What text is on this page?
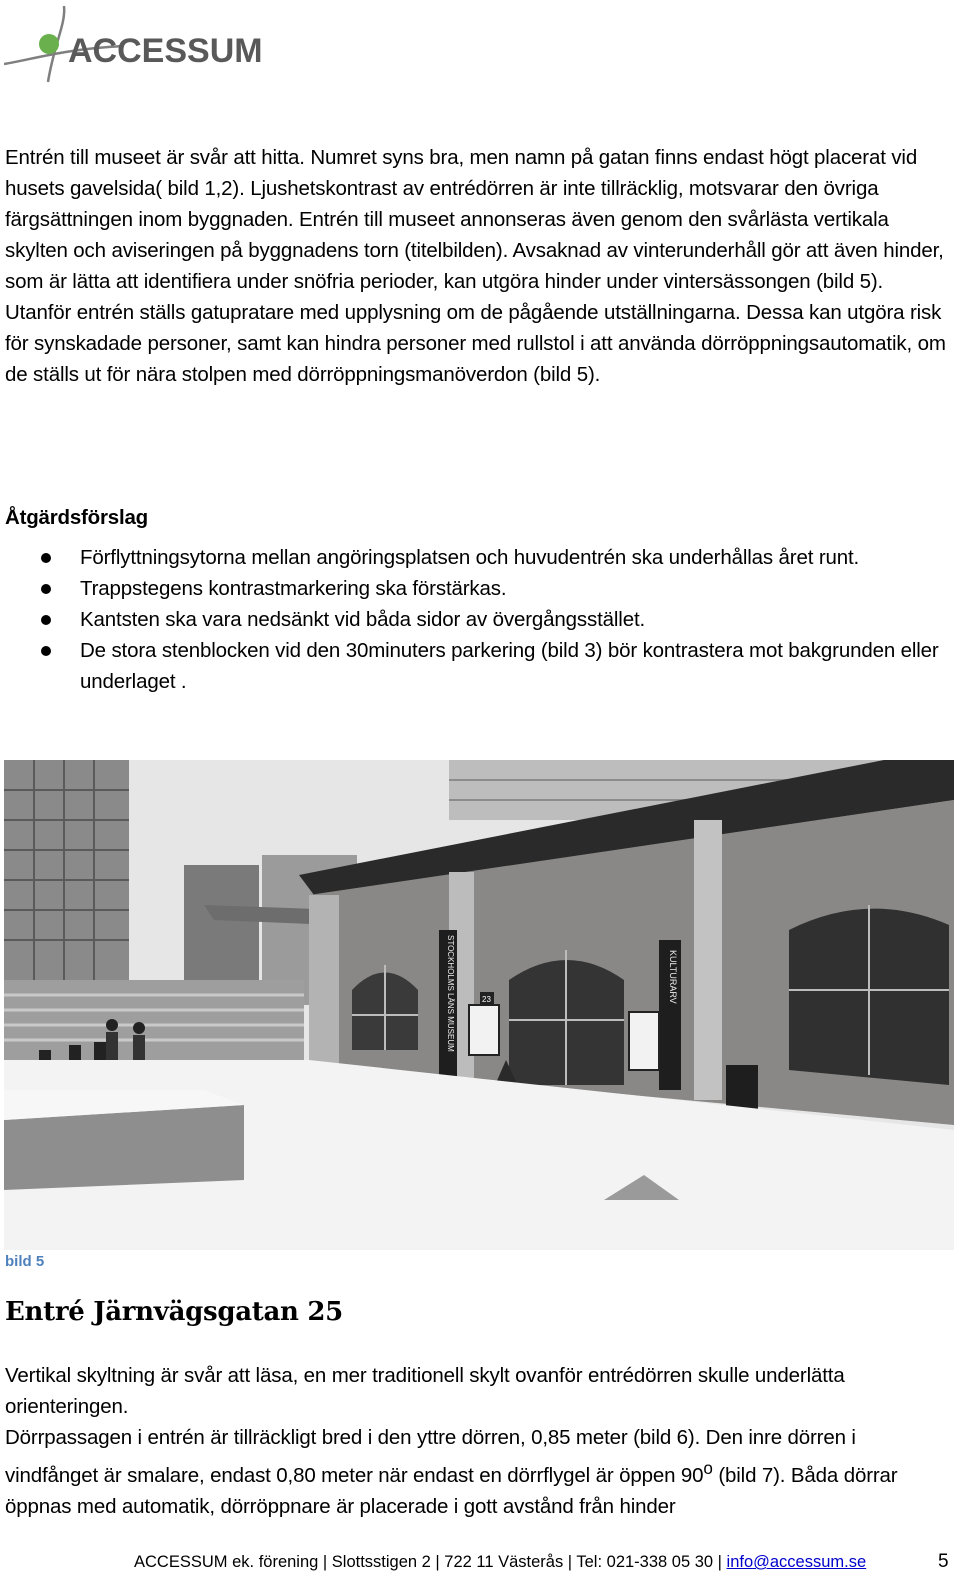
ACCESSUM

Entrén till museet är svår att hitta. Numret syns bra, men namn på gatan finns endast högt placerat vid husets gavelsida( bild 1,2). Ljushetskontrast av entrédörren är inte tillräcklig, motsvarar den övriga färgsättningen inom byggnaden. Entrén till museet annonseras även genom den svårlästa vertikala skylten och aviseringen på byggnadens torn (titelbilden). Avsaknad av vinterunderhåll gör att även hinder, som är lätta att identifiera under snöfria perioder, kan utgöra hinder under vintersässongen (bild 5).

Utanför entrén ställs gatupratare med upplysning om de pågående utställningarna. Dessa kan utgöra risk för synskadade personer, samt kan hindra personer med rullstol i att använda dörröppningsautomatik, om de ställs ut för nära stolpen med dörröppningsmanöverdon (bild 5).

Åtgärdsförslag
Förflyttningsytorna mellan angöringsplatsen och huvudentrén ska underhållas året runt.
Trappstegens kontrastmarkering ska förstärkas.
Kantsten ska vara nedsänkt vid båda sidor av övergångsstället.
De stora stenblocken vid den 30minuters parkering (bild 3) bör kontrastera mot bakgrunden eller underlaget .
STOCKHOLMS LÄNS MUSEUM	KULTURARV
23
bild 5
Entré Järnvägsgatan 25

Vertikal skyltning är svår att läsa, en mer traditionell skylt ovanför entrédörren skulle underlätta orienteringen.

Dörrpassagen i entrén är tillräckligt bred i den yttre dörren, 0,85 meter (bild 6). Den inre dörren i vindfånget är smalare, endast 0,80 meter när endast en dörrflygel är öppen 90$^o$ (bild 7). Båda dörrar öppnas med automatik, dörröppnare är placerade i gott avstånd från hinder

ACCESSUM ek. förening | Slottsstigen 2 | 722 11 Västerås | Tel: 021-338 05 30 | info@accessum.se	5
